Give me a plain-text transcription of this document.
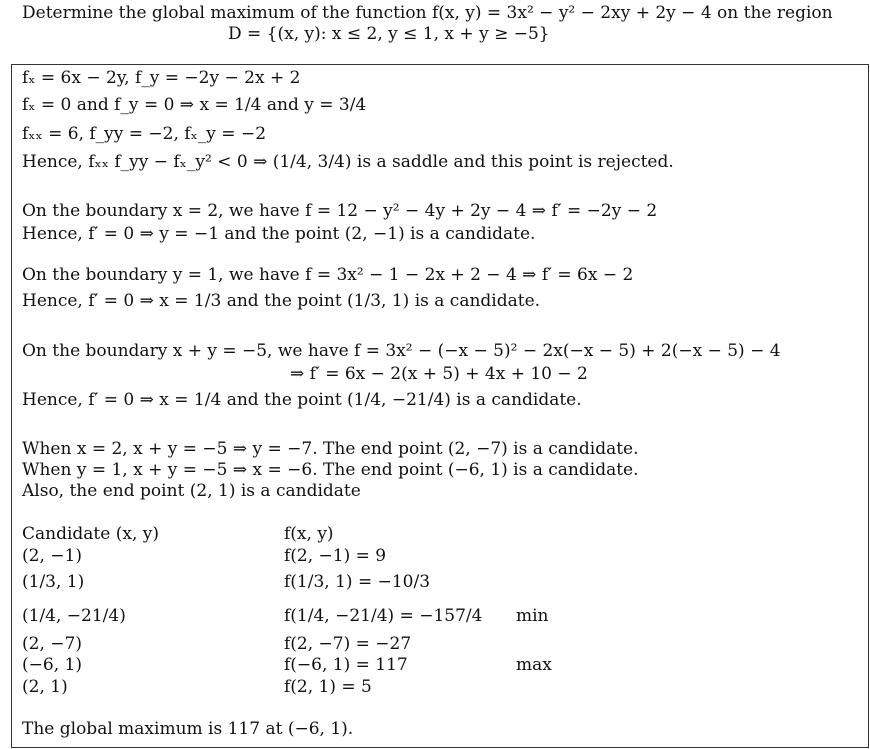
Determine the global maximum of the function f(x, y) = 3x² − y² − 2xy + 2y − 4 on the region
D = {(x, y): x ≤ 2, y ≤ 1, x + y ≥ −5}
fₓ = 6x − 2y, f_y = −2y − 2x + 2
fₓ = 0 and f_y = 0 ⇒ x = 1/4 and y = 3/4
fₓₓ = 6, f_yy = −2, fₓ_y = −2
Hence, fₓₓ f_yy − fₓ_y² < 0 ⇒ (1/4, 3/4) is a saddle and this point is rejected.
On the boundary x = 2, we have f = 12 − y² − 4y + 2y − 4 ⇒ f′ = −2y − 2
Hence, f′ = 0 ⇒ y = −1 and the point (2, −1) is a candidate.
On the boundary y = 1, we have f = 3x² − 1 − 2x + 2 − 4 ⇒ f′ = 6x − 2
Hence, f′ = 0 ⇒ x = 1/3 and the point (1/3, 1) is a candidate.
On the boundary x + y = −5, we have f = 3x² − (−x − 5)² − 2x(−x − 5) + 2(−x − 5) − 4
⇒ f′ = 6x − 2(x + 5) + 4x + 10 − 2
Hence, f′ = 0 ⇒ x = 1/4 and the point (1/4, −21/4) is a candidate.
When x = 2, x + y = −5 ⇒ y = −7. The end point (2, −7) is a candidate.
When y = 1, x + y = −5 ⇒ x = −6. The end point (−6, 1) is a candidate.
Also, the end point (2, 1) is a candidate
Candidate (x, y)	f(x, y)
(2, −1)	f(2, −1) = 9
(1/3, 1)	f(1/3, 1) = −10/3
(1/4, −21/4)	f(1/4, −21/4) = −157/4 min
(2, −7)	f(2, −7) = −27
(−6, 1)	f(−6, 1) = 117	max
(2, 1)	f(2, 1) = 5
The global maximum is 117 at (−6, 1).
